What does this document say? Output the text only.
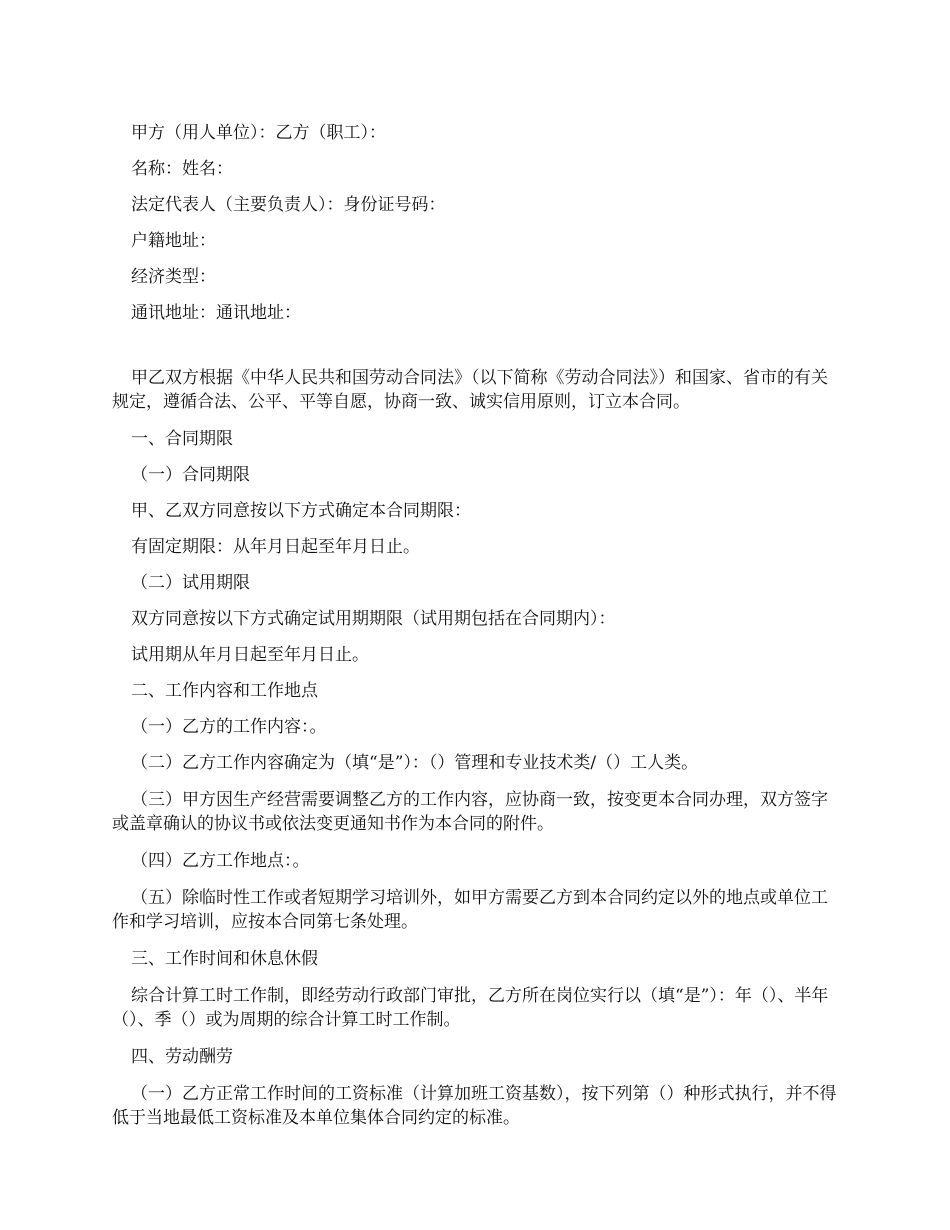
甲方（用人单位）：乙方（职工）：

名称：姓名：

法定代表人（主要负责人）：身份证号码：

户籍地址：

经济类型：

通讯地址：通讯地址：

甲乙双方根据《中华人民共和国劳动合同法》（以下简称《劳动合同法》）和国家、省市的有关规定，遵循合法、公平、平等自愿，协商一致、诚实信用原则，订立本合同。

一、合同期限

（一）合同期限

甲、乙双方同意按以下方式确定本合同期限：

有固定期限：从年月日起至年月日止。

（二）试用期限

双方同意按以下方式确定试用期期限（试用期包括在合同期内）：

试用期从年月日起至年月日止。

二、工作内容和工作地点

（一）乙方的工作内容：。

（二）乙方工作内容确定为（填“是”）：（）管理和专业技术类/（）工人类。

（三）甲方因生产经营需要调整乙方的工作内容，应协商一致，按变更本合同办理，双方签字或盖章确认的协议书或依法变更通知书作为本合同的附件。

（四）乙方工作地点：。

（五）除临时性工作或者短期学习培训外，如甲方需要乙方到本合同约定以外的地点或单位工作和学习培训，应按本合同第七条处理。

三、工作时间和休息休假

综合计算工时工作制，即经劳动行政部门审批，乙方所在岗位实行以（填“是”）：年（）、半年（）、季（）或为周期的综合计算工时工作制。

四、劳动酬劳

（一）乙方正常工作时间的工资标准（计算加班工资基数），按下列第（）种形式执行，并不得低于当地最低工资标准及本单位集体合同约定的标准。
